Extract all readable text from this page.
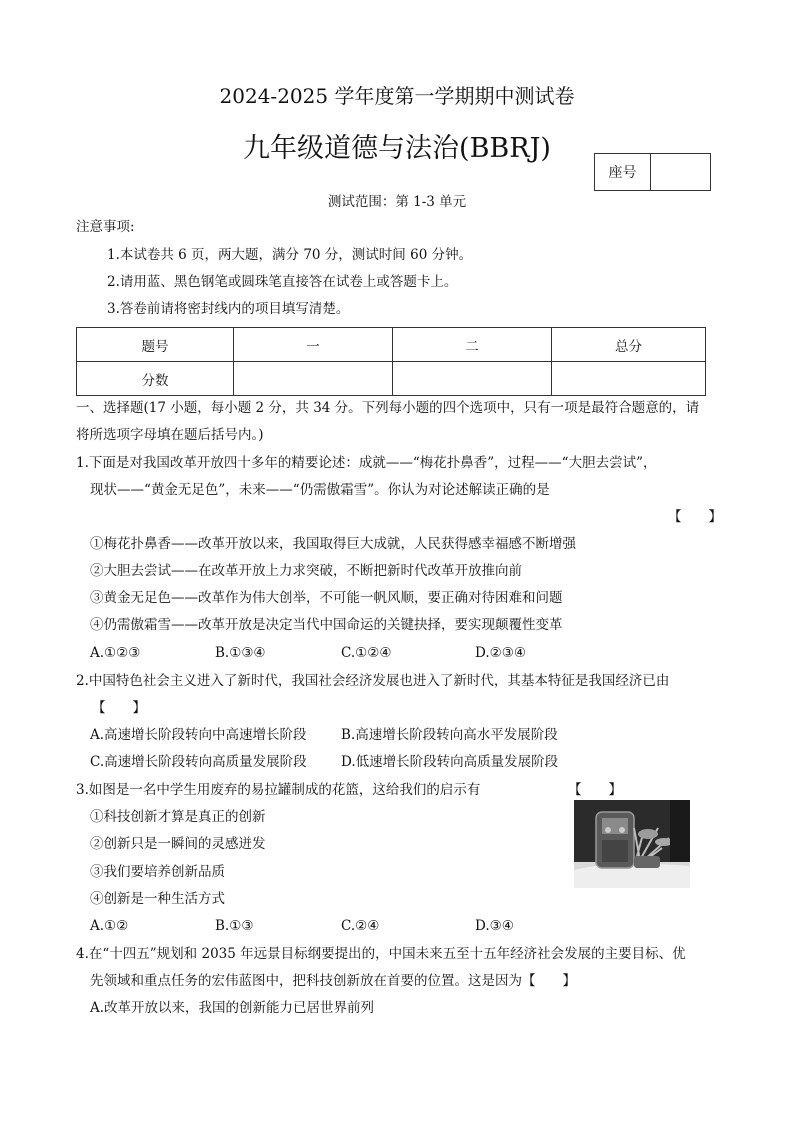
2024-2025 学年度第一学期期中测试卷
九年级道德与法治(BBRJ)
座号
测试范围：第 1-3 单元
注意事项:
1.本试卷共 6 页，两大题，满分 70 分，测试时间 60 分钟。
2.请用蓝、黑色钢笔或圆珠笔直接答在试卷上或答题卡上。
3.答卷前请将密封线内的项目填写清楚。
题号	一	二	总分
分数			
一、选择题(17 小题，每小题 2 分，共 34 分。下列每小题的四个选项中，只有一项是最符合题意的，请
将所选项字母填在题后括号内。)
1.下面是对我国改革开放四十多年的精要论述：成就——“梅花扑鼻香”，过程——“大胆去尝试”，
现状——“黄金无足色”，未来——“仍需傲霜雪”。你认为对论述解读正确的是
【　　】
①梅花扑鼻香——改革开放以来，我国取得巨大成就，人民获得感幸福感不断增强
②大胆去尝试——在改革开放上力求突破，不断把新时代改革开放推向前
③黄金无足色——改革作为伟大创举，不可能一帆风顺，要正确对待困难和问题
④仍需傲霜雪——改革开放是决定当代中国命运的关键抉择，要实现颠覆性变革
A.①②③	B.①③④	C.①②④	D.②③④
2.中国特色社会主义进入了新时代，我国社会经济发展也进入了新时代，其基本特征是我国经济已由
【　　】
A.高速增长阶段转向中高速增长阶段	B.高速增长阶段转向高水平发展阶段
C.高速增长阶段转向高质量发展阶段	D.低速增长阶段转向高质量发展阶段
3.如图是一名中学生用废弃的易拉罐制成的花篮，这给我们的启示有	【　　】
①科技创新才算是真正的创新
②创新只是一瞬间的灵感迸发
③我们要培养创新品质
④创新是一种生活方式
A.①②	B.①③	C.②④	D.③④
4.在“十四五”规划和 2035 年远景目标纲要提出的，中国未来五至十五年经济社会发展的主要目标、优
先领域和重点任务的宏伟蓝图中，把科技创新放在首要的位置。这是因为【　　】
A.改革开放以来，我国的创新能力已居世界前列
